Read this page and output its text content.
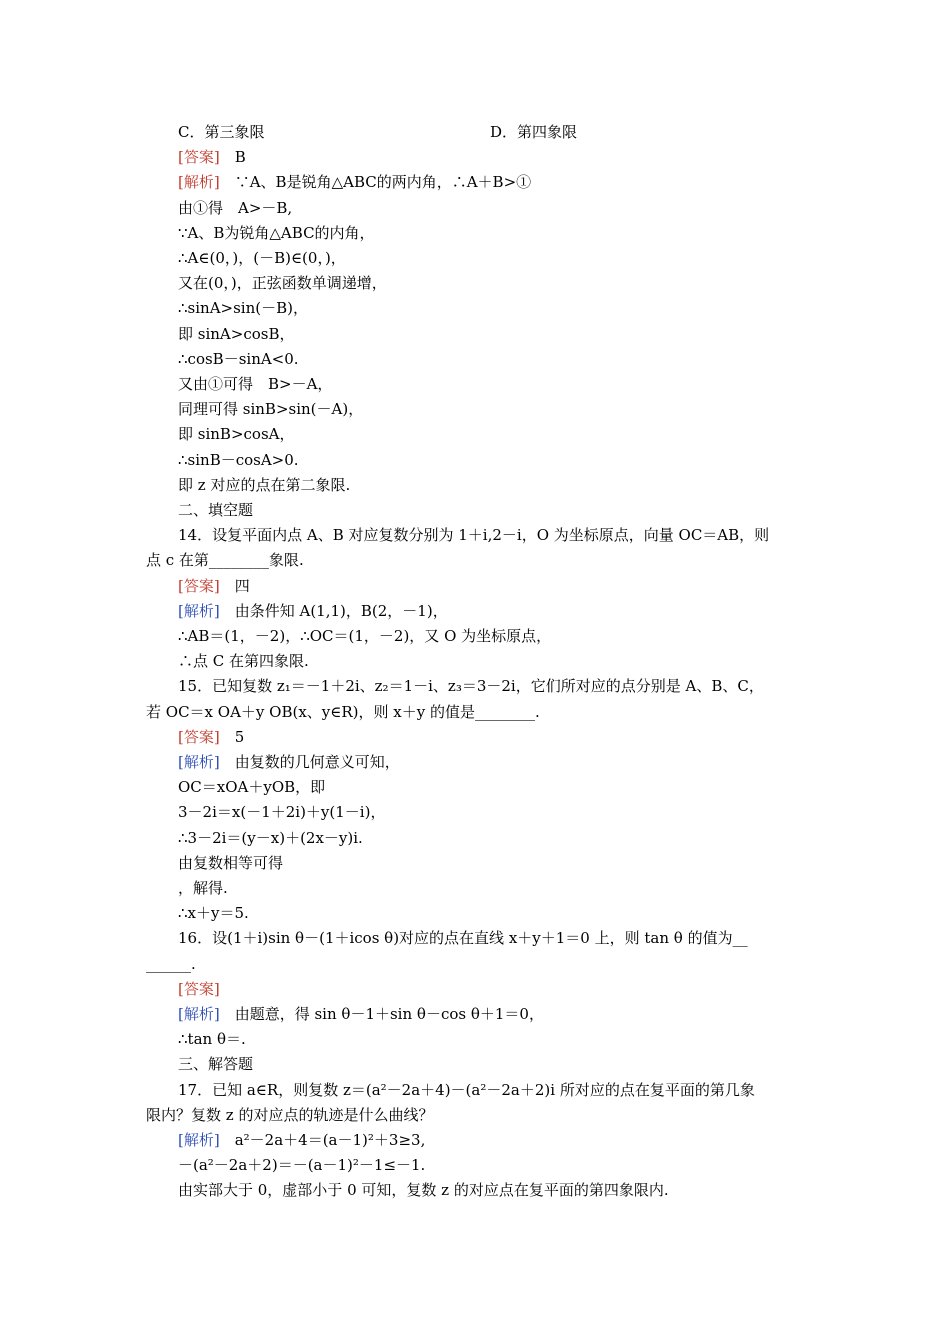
C．第三象限	D．第四象限
[答案]　B
[解析]　∵A、B是锐角△ABC的两内角，∴A＋B>①
由①得　A>－B,
∵A、B为锐角△ABC的内角，
∴A∈(0，)，(－B)∈(0，)，
又在(0，)，正弦函数单调递增，
∴sinA>sin(－B)，
即 sinA>cosB，
∴cosB－sinA<0.
又由①可得　B>－A，
同理可得 sinB>sin(－A)，
即 sinB>cosA，
∴sinB－cosA>0.
即 z 对应的点在第二象限.
二、填空题
14．设复平面内点 A、B 对应复数分别为 1＋i,2－i，O 为坐标原点，向量 OC＝AB，则
点 c 在第________象限.
[答案]　四
[解析]　由条件知 A(1,1)，B(2，－1)，
∴AB＝(1，－2)，∴OC＝(1，－2)，又 O 为坐标原点，
∴点 C 在第四象限.
15．已知复数 z₁＝－1＋2i、z₂＝1－i、z₃＝3－2i，它们所对应的点分别是 A、B、C，
若 OC＝x OA＋y OB(x、y∈R)，则 x＋y 的值是________.
[答案]　5
[解析]　由复数的几何意义可知，
OC＝xOA＋yOB，即
3－2i＝x(－1＋2i)＋y(1－i)，
∴3－2i＝(y－x)＋(2x－y)i.
由复数相等可得
，解得.
∴x＋y＝5.
16．设(1＋i)sin θ－(1＋icos θ)对应的点在直线 x＋y＋1＝0 上，则 tan θ 的值为__
______.
[答案]
[解析]　由题意，得 sin θ－1＋sin θ－cos θ＋1＝0，
∴tan θ＝.
三、解答题
17．已知 a∈R，则复数 z＝(a²－2a＋4)－(a²－2a＋2)i 所对应的点在复平面的第几象
限内？复数 z 的对应点的轨迹是什么曲线？
[解析]　a²－2a＋4＝(a－1)²＋3≥3,
－(a²－2a＋2)＝－(a－1)²－1≤－1.
由实部大于 0，虚部小于 0 可知，复数 z 的对应点在复平面的第四象限内.
